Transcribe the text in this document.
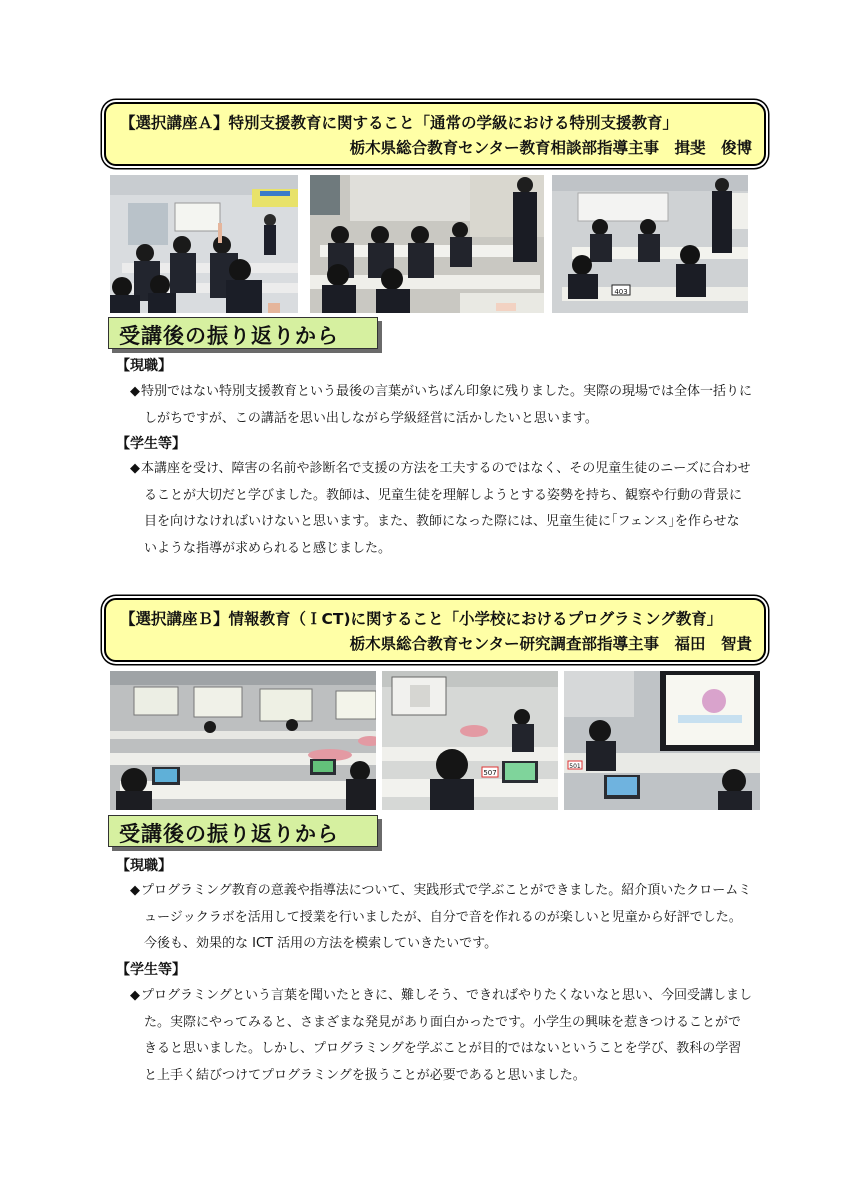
【選択講座Ａ】特別支援教育に関すること「通常の学級における特別支援教育」
栃木県総合教育センター教育相談部指導主事　揖斐　俊博
403
受講後の振り返りから
【現職】
◆特別ではない特別支援教育という最後の言葉がいちばん印象に残りました。実際の現場では全体一括りにしがちですが、この講話を思い出しながら学級経営に活かしたいと思います。
【学生等】
◆本講座を受け、障害の名前や診断名で支援の方法を工夫するのではなく、その児童生徒のニーズに合わせることが大切だと学びました。教師は、児童生徒を理解しようとする姿勢を持ち、観察や行動の背景に目を向けなければいけないと思います。また、教師になった際には、児童生徒に｢フェンス｣を作らせないような指導が求められると感じました。
【選択講座Ｂ】情報教育（ＩCT)に関すること「小学校におけるプログラミング教育」
栃木県総合教育センター研究調査部指導主事　福田　智貴
507
501
受講後の振り返りから
【現職】
◆プログラミング教育の意義や指導法について、実践形式で学ぶことができました。紹介頂いたクロームミュージックラボを活用して授業を行いましたが、自分で音を作れるのが楽しいと児童から好評でした。今後も、効果的な ICT 活用の方法を模索していきたいです。
【学生等】
◆プログラミングという言葉を聞いたときに、難しそう、できればやりたくないなと思い、今回受講しました。実際にやってみると、さまざまな発見があり面白かったです。小学生の興味を惹きつけることができると思いました。しかし、プログラミングを学ぶことが目的ではないということを学び、教科の学習と上手く結びつけてプログラミングを扱うことが必要であると思いました。
